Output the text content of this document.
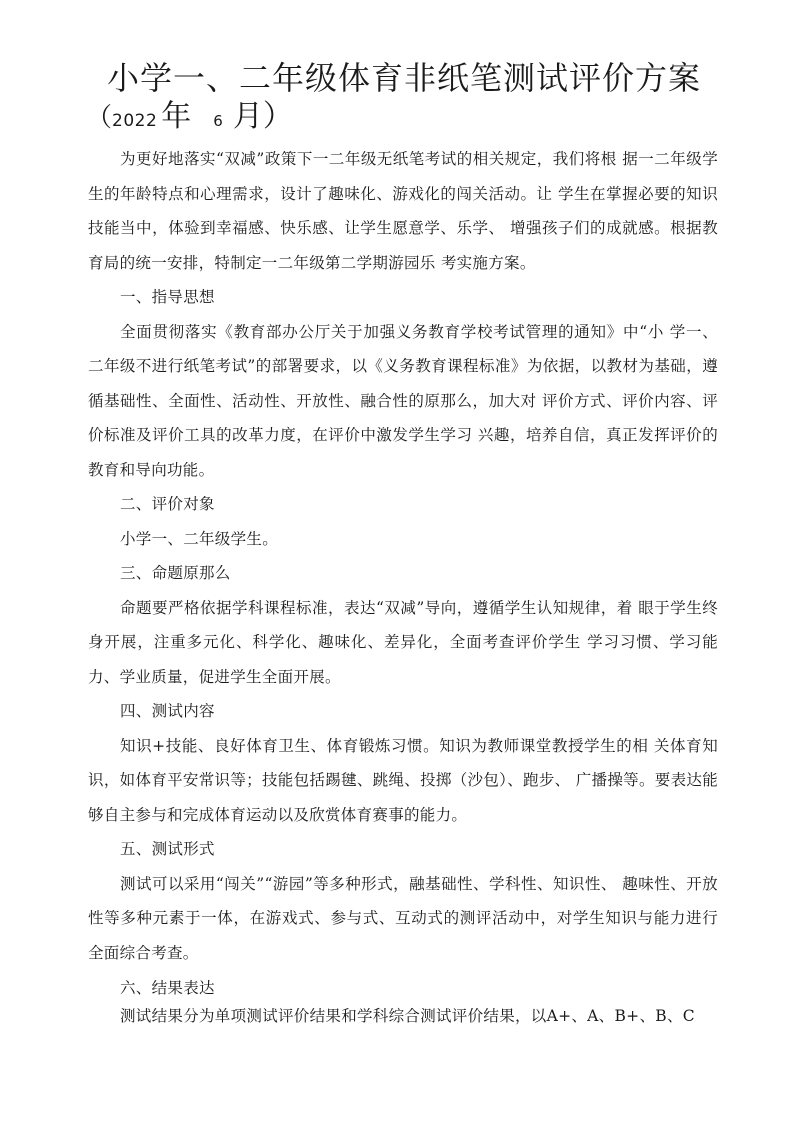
小学一、二年级体育非纸笔测试评价方案
（2022 年 6 月）

为更好地落实“双减”政策下一二年级无纸笔考试的相关规定，我们将根 据一二年级学生的年龄特点和心理需求，设计了趣味化、游戏化的闯关活动。让 学生在掌握必要的知识技能当中，体验到幸福感、快乐感、让学生愿意学、乐学、 增强孩子们的成就感。根据教育局的统一安排，特制定一二年级第二学期游园乐 考实施方案。

一、指导思想

全面贯彻落实《教育部办公厅关于加强义务教育学校考试管理的通知》中“小 学一、二年级不进行纸笔考试”的部署要求，以《义务教育课程标准》为依据，以教材为基础，遵循基础性、全面性、活动性、开放性、融合性的原那么，加大对 评价方式、评价内容、评价标准及评价工具的改革力度，在评价中激发学生学习 兴趣，培养自信，真正发挥评价的教育和导向功能。

二、评价对象

小学一、二年级学生。

三、命题原那么

命题要严格依据学科课程标准，表达“双减”导向，遵循学生认知规律，着 眼于学生终身开展，注重多元化、科学化、趣味化、差异化，全面考查评价学生 学习习惯、学习能力、学业质量，促进学生全面开展。

四、测试内容

知识+技能、良好体育卫生、体育锻炼习惯。知识为教师课堂教授学生的相 关体育知识，如体育平安常识等；技能包括踢毽、跳绳、投掷（沙包）、跑步、 广播操等。要表达能够自主参与和完成体育运动以及欣赏体育赛事的能力。

五、测试形式

测试可以采用“闯关”“游园”等多种形式，融基础性、学科性、知识性、 趣味性、开放性等多种元素于一体，在游戏式、参与式、互动式的测评活动中，对学生知识与能力进行全面综合考查。

六、结果表达

测试结果分为单项测试评价结果和学科综合测试评价结果，以A+、A、B+、B、C
